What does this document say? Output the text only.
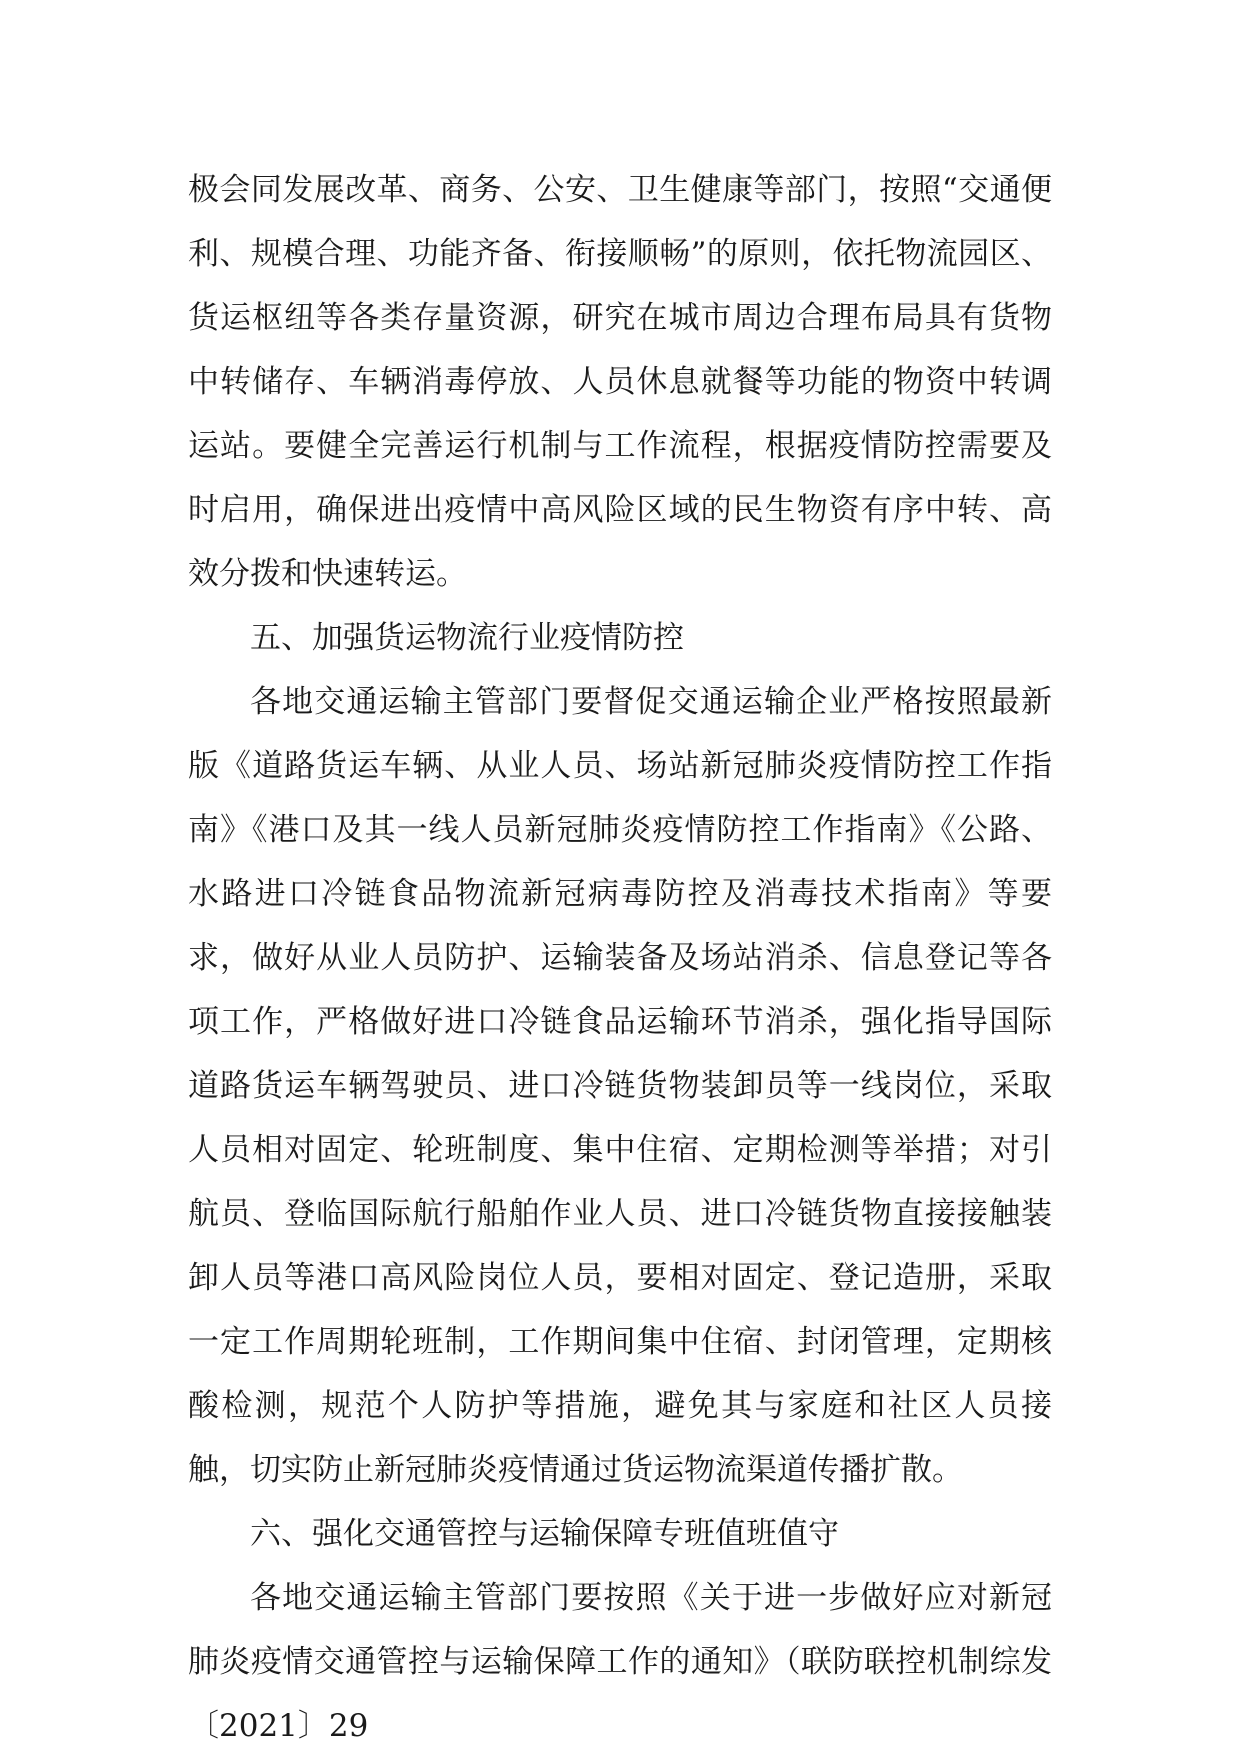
极会同发展改革、商务、公安、卫生健康等部门，按照“交通便利、规模合理、功能齐备、衔接顺畅”的原则，依托物流园区、货运枢纽等各类存量资源，研究在城市周边合理布局具有货物中转储存、车辆消毒停放、人员休息就餐等功能的物资中转调运站。要健全完善运行机制与工作流程，根据疫情防控需要及时启用，确保进出疫情中高风险区域的民生物资有序中转、高效分拨和快速转运。

五、加强货运物流行业疫情防控

各地交通运输主管部门要督促交通运输企业严格按照最新版《道路货运车辆、从业人员、场站新冠肺炎疫情防控工作指南》《港口及其一线人员新冠肺炎疫情防控工作指南》《公路、水路进口冷链食品物流新冠病毒防控及消毒技术指南》等要求，做好从业人员防护、运输装备及场站消杀、信息登记等各项工作，严格做好进口冷链食品运输环节消杀，强化指导国际道路货运车辆驾驶员、进口冷链货物装卸员等一线岗位，采取人员相对固定、轮班制度、集中住宿、定期检测等举措；对引航员、登临国际航行船舶作业人员、进口冷链货物直接接触装卸人员等港口高风险岗位人员，要相对固定、登记造册，采取一定工作周期轮班制，工作期间集中住宿、封闭管理，定期核酸检测，规范个人防护等措施，避免其与家庭和社区人员接触，切实防止新冠肺炎疫情通过货运物流渠道传播扩散。

六、强化交通管控与运输保障专班值班值守

各地交通运输主管部门要按照《关于进一步做好应对新冠肺炎疫情交通管控与运输保障工作的通知》（联防联控机制综发〔2021〕29
